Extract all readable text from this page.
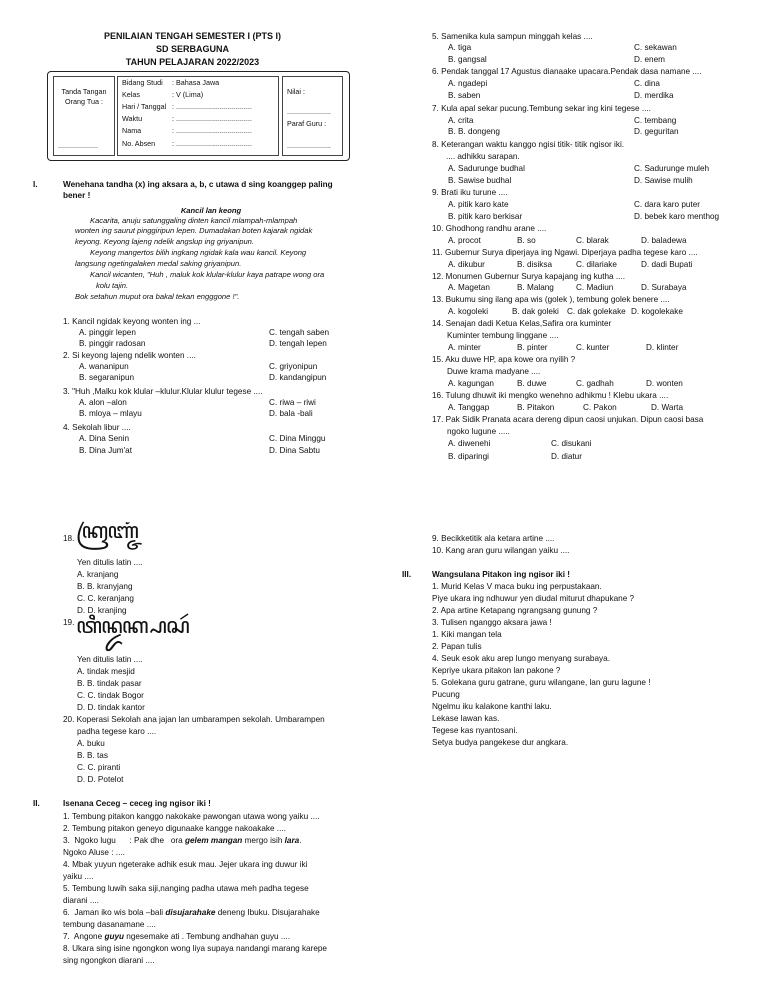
PENILAIAN TENGAH SEMESTER I (PTS I)
SD SERBAGUNA
TAHUN PELAJARAN 2022/2023
Tanda Tangan
Orang Tua :
....................
Bidang Studi : Bahasa Jawa
Kelas	: V (Lima)
Hari / Tanggal : ......................................
Waktu	: ......................................
Nama	: ......................................
No. Absen : ......................................
Nilai :
......................
Paraf Guru :
......................
I.	Wenehana tandha (x) ing aksara a, b, c utawa d sing koanggep paling
bener !
Kancil lan keong
Kacarita, anuju satunggaling dinten kancil mlampah-mlampah
wonten ing saurut pinggiripun lepen. Dumadakan boten kajarak ngidak
keyong. Keyong lajeng ndelik angslup ing griyanipun.
Keyong mangertos bilih ingkang ngidak kala wau kancil. Keyong
langsung ngetingalaken medal saking griyanipun.
Kancil wicanten, "Huh , maluk kok klular-klulur kaya patrape wong ora
kolu tajin.
Bok setahun muput ora bakal tekan engggone !".
1. Kancil ngidak keyong wonten ing ...
A. pinggir lepen	C. tengah saben
B. pinggir radosan	D. tengah lepen
2. Si keyong lajeng ndelik wonten ....
A. wananipun	C. griyonipun
B. segaranipun	D. kandangipun
3. "Huh ,Malku kok klular –klulur.Klular klulur tegese ....
A. alon –alon	C. riwa – riwi
B. mloya – mlayu	D. bala -bali
4. Sekolah libur ....
A. Dina Senin	C. Dina Minggu
B. Dina Jum'at	D. Dina Sabtu
5. Samenika kula sampun minggah kelas ....
A. tiga	C. sekawan
B. gangsal	D. enem
6. Pendak tanggal 17 Agustus dianaake upacara.Pendak dasa namane ....
A. ngadepi	C. dina
B. saben	D. merdika
7. Kula apal sekar pucung.Tembung sekar ing kini tegese ....
A. crita	C. tembang
B. B. dongeng	D. geguritan
8. Keterangan waktu kanggo ngisi titik- titik ngisor iki.
.... adhikku sarapan.
A. Sadurunge budhal	C. Sadurunge muleh
B. Sawise budhal	D. Sawise mulih
9. Brati iku turune ....
A. pitik karo kate	C. dara karo puter
B. pitik karo berkisar	D. bebek karo menthog
10. Ghodhong randhu arane ....
A. procot	B. so	C. blarak	D. baladewa
11. Gubernur Surya diperjaya ing Ngawi. Diperjaya padha tegese karo ....
A. dikubur	B. disiksa	C. dilariake	D. dadi Bupati
12. Monumen Gubernur Surya kapajang ing kutha ....
A. Magetan	B. Malang	C. Madiun	D. Surabaya
13. Bukumu sing ilang apa wis (golek ), tembung golek benere ....
A. kogoleki	B. dak goleki C. dak golekake D. kogolekake
14. Senajan dadi Ketua Kelas,Safira ora kuminter
Kuminter tembung linggane ....
A. minter	B. pinter	C. kunter	D. klinter
15. Aku duwe HP, apa kowe ora nyilih ?
Duwe krama madyane ....
A. kagungan	B. duwe	C. gadhah	D. wonten
16. Tulung dhuwit iki mengko wenehno adhikmu ! Klebu ukara ....
A. Tanggap	B. Pitakon	C. Pakon	D. Warta
17. Pak Sidik Pranata acara dereng dipun caosi unjukan. Dipun caosi basa
ngoko lugune .....
A. diwenehi	C. disukani
B. diparingi	D. diatur
18. ꦏꦿꦚ꧀ꦗꦁ
Yen ditulis latin ....
A. kranjang
B. B. kranyjang
C. C. keranjang
D. D. kranjing
19. ꦠꦶꦤ꧀ꦢꦏ꧀ꦥꦱꦂ
Yen ditulis latin ....
A. tindak mesjid
B. B. tindak pasar
C. C. tindak Bogor
D. D. tindak kantor
20. Koperasi Sekolah ana jajan lan umbarampen sekolah. Umbarampen
padha tegese karo ....
A. buku
B. B. tas
C. C. piranti
D. D. Potelot
II.	Isenana Ceceg – ceceg ing ngisor iki !
1. Tembung pitakon kanggo nakokake pawongan utawa wong yaiku ....
2. Tembung pitakon geneyo digunaake kangge nakoakake ....
3.  Ngoko lugu      : Pak dhe   ora gelem mangan mergo isih lara.
Ngoko Aluse : ....
4. Mbak yuyun ngeterake adhik esuk mau. Jejer ukara ing duwur iki
yaiku ....
5. Tembung luwih saka siji,nanging padha utawa meh padha tegese
diarani ....
6.  Jaman iko wis bola –bali disujarahake deneng Ibuku. Disujarahake
tembung dasanamane ....
7.  Angone guyu ngesemake ati . Tembung andhahan guyu ....
8. Ukara sing isine ngongkon wong liya supaya nandangi marang karepe
sing ngongkon diarani ....
9. Becikketitik ala ketara artine ....
10. Kang aran guru wilangan yaiku ....
III.	Wangsulana Pitakon ing ngisor iki !
1. Murid Kelas V maca buku ing perpustakaan.
Piye ukara ing ndhuwur yen diudal miturut dhapukane ?
2. Apa artine Ketapang ngrangsang gunung ?
3. Tulisen nganggo aksara jawa !
1. Kiki mangan tela
2. Papan tulis
4. Seuk esok aku arep lungo menyang surabaya.
Kepriye ukara pitakon lan pakone ?
5. Golekana guru gatrane, guru wilangane, lan guru lagune !
Pucung
Ngelmu iku kalakone kanthi laku.
Lekase lawan kas.
Tegese kas nyantosani.
Setya budya pangekese dur angkara.
